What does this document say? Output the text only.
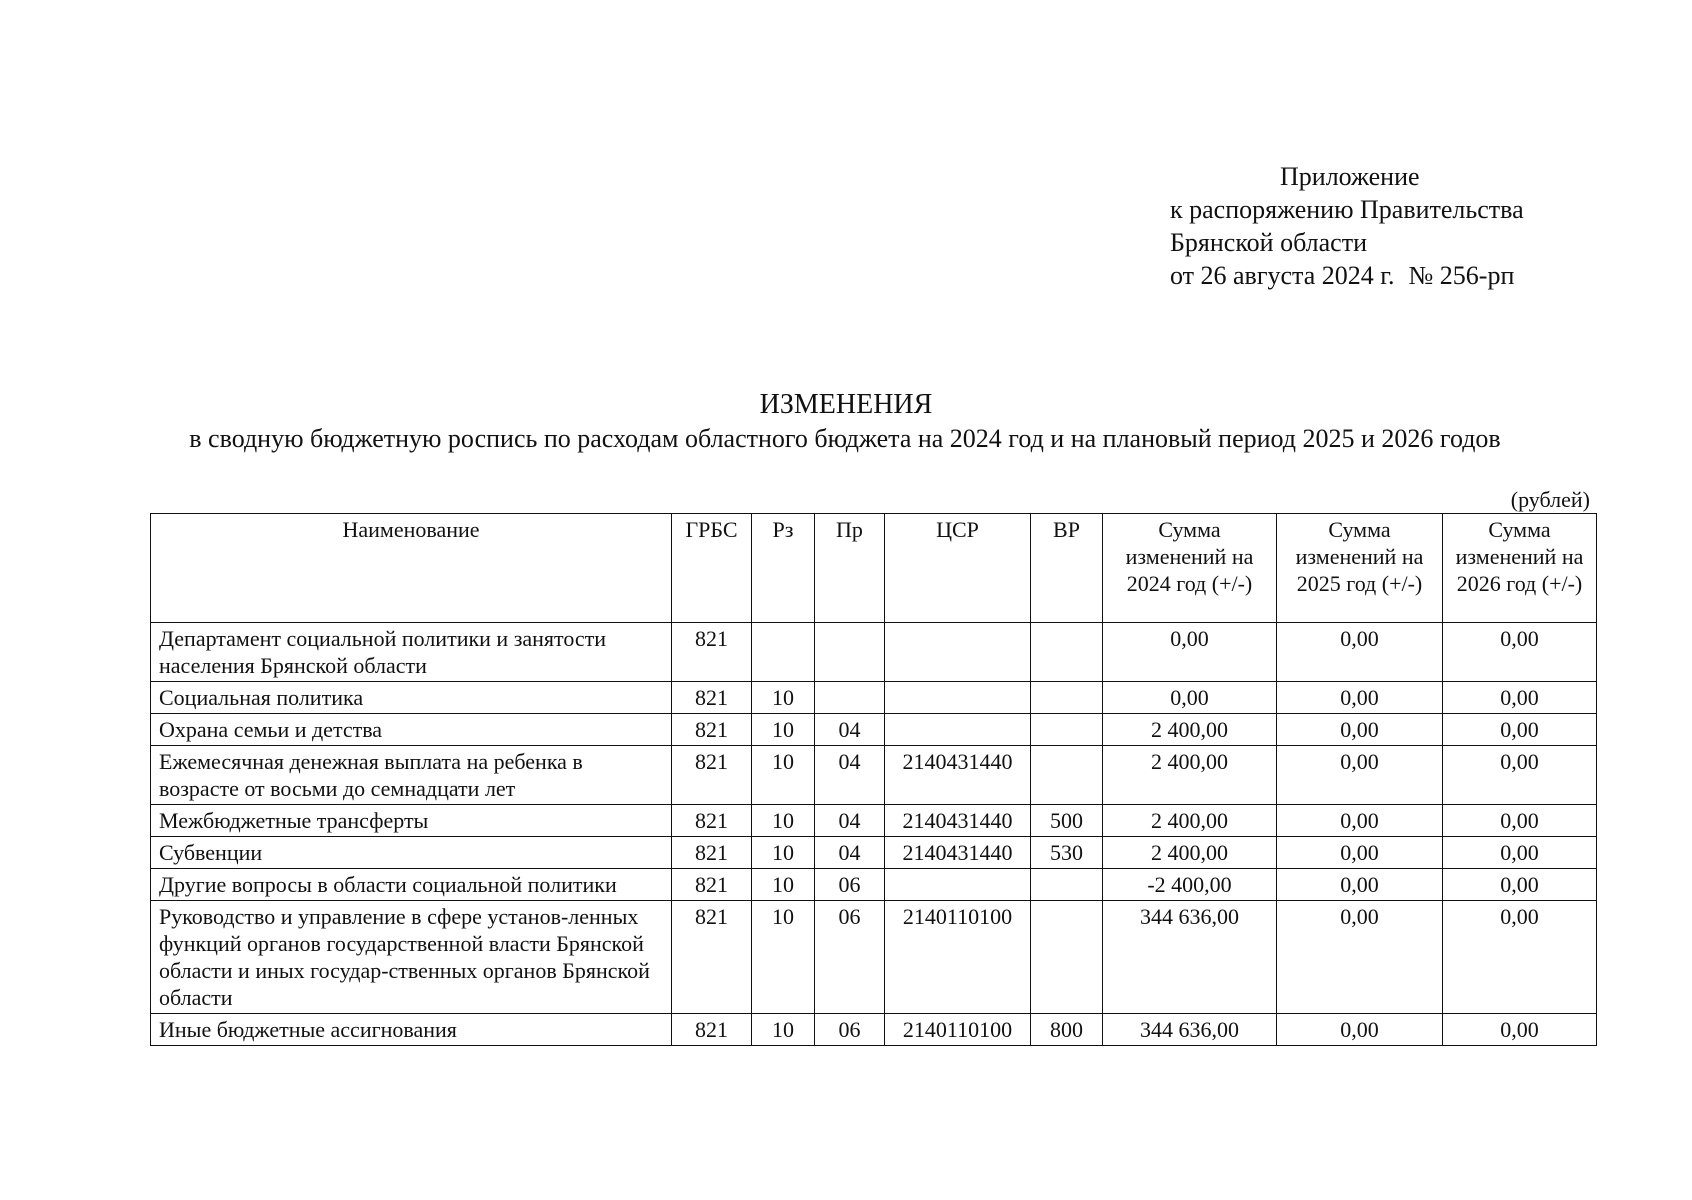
Приложение
к распоряжению Правительства
Брянской области
от 26 августа 2024 г. № 256-рп
ИЗМЕНЕНИЯ
в сводную бюджетную роспись по расходам областного бюджета на 2024 год и на плановый период 2025 и 2026 годов
(рублей)
Наименование	ГРБС	Рз	Пр	ЦСР	ВР	Сумма изменений на 2024 год (+/-)	Сумма изменений на 2025 год (+/-)	Сумма изменений на 2026 год (+/-)
Департамент социальной политики и занятости населения Брянской области	821					0,00	0,00	0,00
Социальная политика	821	10				0,00	0,00	0,00
Охрана семьи и детства	821	10	04			2 400,00	0,00	0,00
Ежемесячная денежная выплата на ребенка в возрасте от восьми до семнадцати лет	821	10	04	2140431440		2 400,00	0,00	0,00
Межбюджетные трансферты	821	10	04	2140431440	500	2 400,00	0,00	0,00
Субвенции	821	10	04	2140431440	530	2 400,00	0,00	0,00
Другие вопросы в области социальной политики	821	10	06			-2 400,00	0,00	0,00
Руководство и управление в сфере установ-ленных функций органов государственной власти Брянской области и иных государ-ственных органов Брянской области	821	10	06	2140110100		344 636,00	0,00	0,00
Иные бюджетные ассигнования	821	10	06	2140110100	800	344 636,00	0,00	0,00
